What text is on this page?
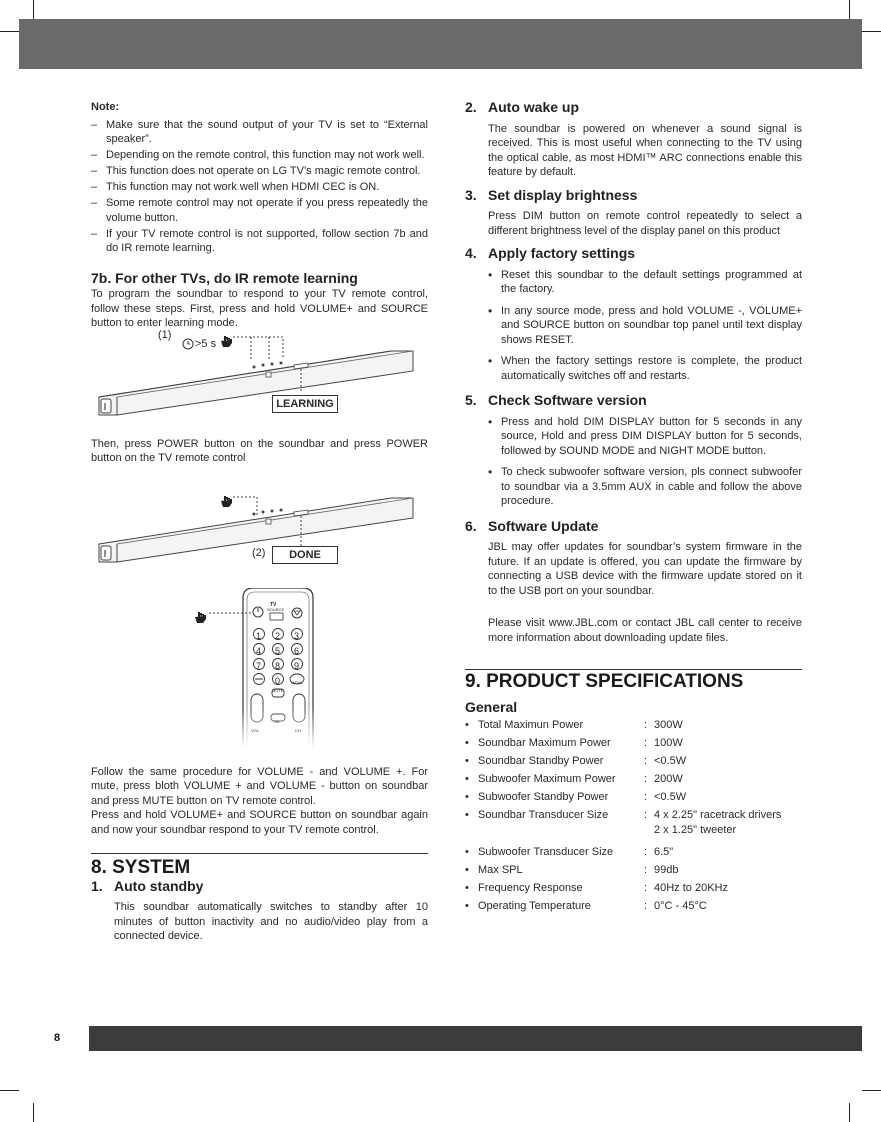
8
Note:
– Make sure that the sound output of your TV is set to “External speaker”.
– Depending on the remote control, this function may not work well.
– This function does not operate on LG TV’s magic remote control.
– This function may not work well when HDMI CEC is ON.
– Some remote control may not operate if you press repeatedly the volume button.
– If your TV remote control is not supported, follow section 7b and do IR remote learning.
7b. For other TVs, do IR remote learning

To program the soundbar to respond to your TV remote control, follow these steps. First, press and hold VOLUME+ and SOURCE button to enter learning mode.

(1)
>5 s
LEARNING

Then, press POWER button on the soundbar and press POWER button on the TV remote control

(2)	DONE
TV
SOURCE
1 2 3
4 5 6
7 8 9
0	MENU
MUTE
VOL	CH
OK

Follow the same procedure for VOLUME - and VOLUME +. For mute, press bloth VOLUME + and VOLUME - button on soundbar and press MUTE button on TV remote control.

Press and hold VOLUME+ and SOURCE button on soundbar again and now your soundbar respond to your TV remote control.

8. SYSTEM
1. Auto standby

This soundbar automatically switches to standby after 10 minutes of button inactivity and no audio/video play from a connected device.

2. Auto wake up

The soundbar is powered on whenever a sound signal is received. This is most useful when connecting to the TV using the optical cable, as most HDMI™ ARC connections enable this feature by default.

3. Set display brightness

Press DIM button on remote control repeatedly to select a different brightness level of the display panel on this product

4. Apply factory settings
• Reset this soundbar to the default settings programmed at the factory.
• In any source mode, press and hold VOLUME -, VOLUME+ and SOURCE button on soundbar top panel until text display shows RESET.
• When the factory settings restore is complete, the product automatically switches off and restarts.
5. Check Software version
• Press and hold DIM DISPLAY button for 5 seconds in any source, Hold and press DIM DISPLAY button for 5 seconds, followed by SOUND MODE and NIGHT MODE button.
• To check subwoofer software version, pls connect subwoofer to soundbar via a 3.5mm AUX in cable and follow the above procedure.
6. Software Update

JBL may offer updates for soundbar’s system firmware in the future. If an update is offered, you can update the firmware by connecting a USB device with the firmware update stored on it to the USB port on your soundbar.

Please visit www.JBL.com or contact JBL call center to receive more information about downloading update files.

9. PRODUCT SPECIFICATIONS
General
• Total Maximun Power	: 300W
• Soundbar Maximum Power	: 100W
• Soundbar Standby Power	: <0.5W
• Subwoofer Maximum Power	: 200W
• Subwoofer Standby Power	: <0.5W
• Soundbar Transducer Size	: 4 x 2.25" racetrack drivers
2 x 1.25" tweeter
• Subwoofer Transducer Size	: 6.5"
• Max SPL	: 99db
• Frequency Response	: 40Hz to 20KHz
• Operating Temperature	: 0°C - 45°C
